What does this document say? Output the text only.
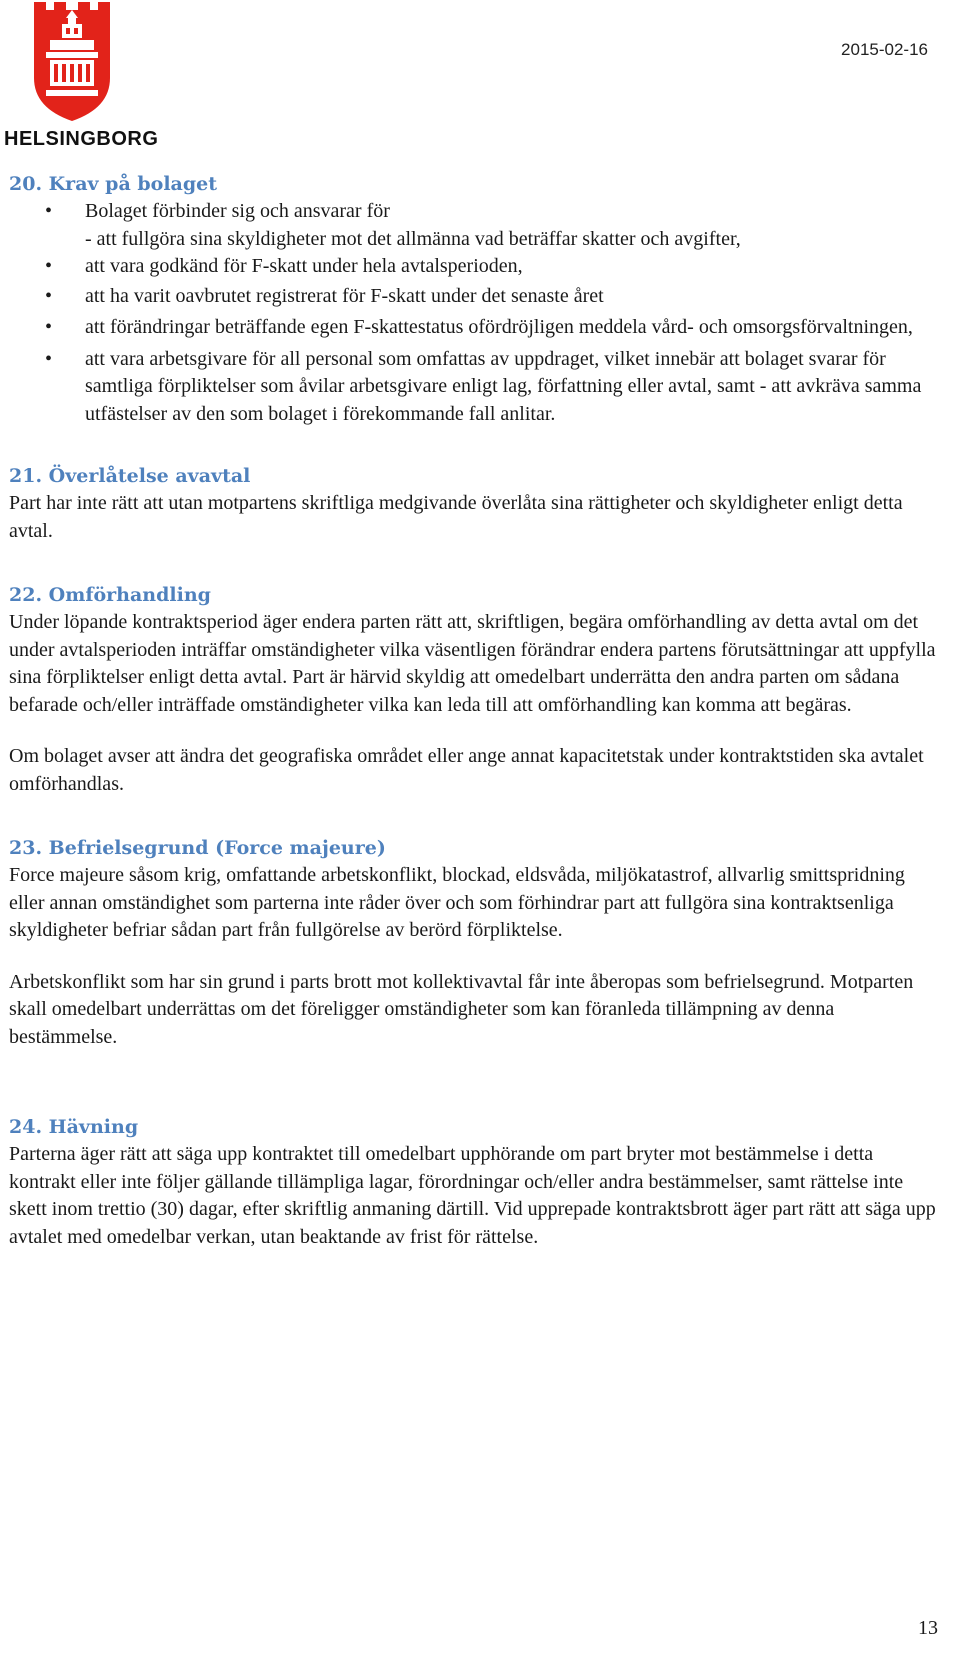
HELSINGBORG
2015-02-16
20. Krav på bolaget
• Bolaget förbinder sig och ansvarar för
- att fullgöra sina skyldigheter mot det allmänna vad beträffar skatter och avgifter,
• att vara godkänd för F-skatt under hela avtalsperioden,
• att ha varit oavbrutet registrerat för F-skatt under det senaste året
• att förändringar beträffande egen F-skattestatus ofördröjligen meddela vård- och omsorgsförvaltningen,
• att vara arbetsgivare för all personal som omfattas av uppdraget, vilket innebär att bolaget svarar för samtliga förpliktelser som åvilar arbetsgivare enligt lag, författning eller avtal, samt - att avkräva samma utfästelser av den som bolaget i förekommande fall anlitar.
21. Överlåtelse avavtal

Part har inte rätt att utan motpartens skriftliga medgivande överlåta sina rättigheter och skyldigheter enligt detta avtal.

22. Omförhandling

Under löpande kontraktsperiod äger endera parten rätt att, skriftligen, begära omförhandling av detta avtal om det under avtalsperioden inträffar omständigheter vilka väsentligen förändrar endera partens förutsättningar att uppfylla sina förpliktelser enligt detta avtal. Part är härvid skyldig att omedelbart underrätta den andra parten om sådana befarade och/eller inträffade omständigheter vilka kan leda till att omförhandling kan komma att begäras.

Om bolaget avser att ändra det geografiska området eller ange annat kapacitetstak under kontraktstiden ska avtalet omförhandlas.

23. Befrielsegrund (Force majeure)

Force majeure såsom krig, omfattande arbetskonflikt, blockad, eldsvåda, miljökatastrof, allvarlig smittspridning eller annan omständighet som parterna inte råder över och som förhindrar part att fullgöra sina kontraktsenliga skyldigheter befriar sådan part från fullgörelse av berörd förpliktelse.

Arbetskonflikt som har sin grund i parts brott mot kollektivavtal får inte åberopas som befrielsegrund. Motparten skall omedelbart underrättas om det föreligger omständigheter som kan föranleda tillämpning av denna bestämmelse.

24. Hävning

Parterna äger rätt att säga upp kontraktet till omedelbart upphörande om part bryter mot bestämmelse i detta kontrakt eller inte följer gällande tillämpliga lagar, förordningar och/eller andra bestämmelser, samt rättelse inte skett inom trettio (30) dagar, efter skriftlig anmaning därtill. Vid upprepade kontraktsbrott äger part rätt att säga upp avtalet med omedelbar verkan, utan beaktande av frist för rättelse.

13
